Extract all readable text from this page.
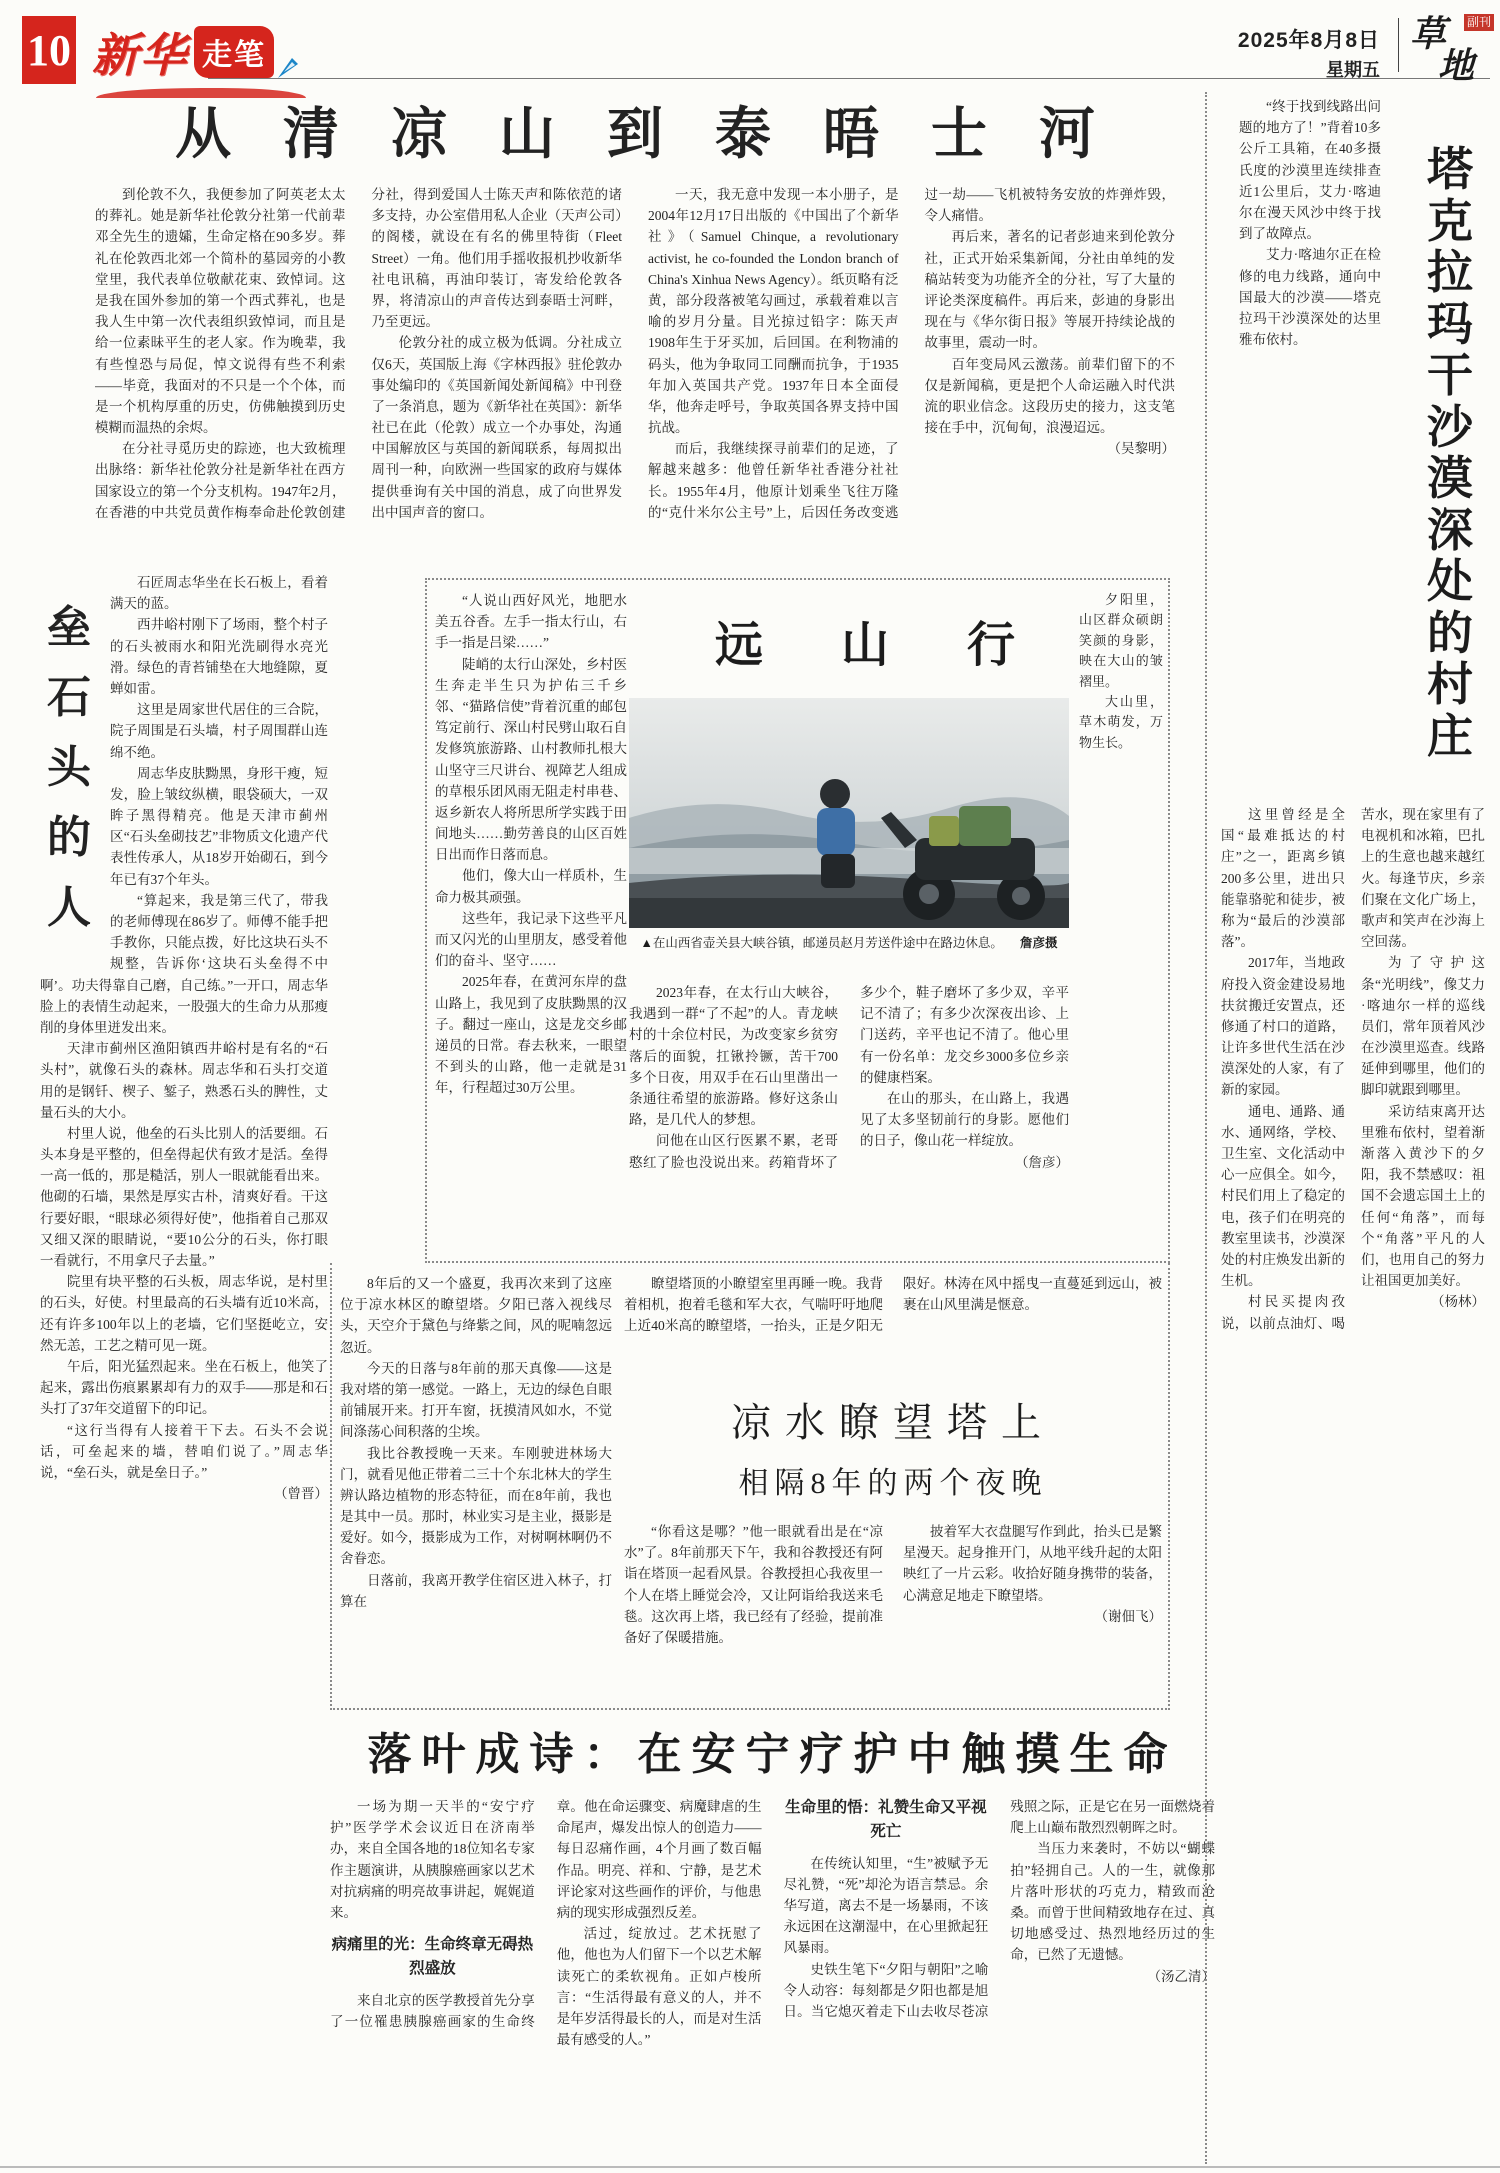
10 新华 走笔	2025年8月8日
星期五
草
地
副刊
从清凉山到泰晤士河

到伦敦不久，我便参加了阿英老太太的葬礼。她是新华社伦敦分社第一代前辈邓全先生的遗孀，生命定格在90多岁。葬礼在伦敦西北郊一个简朴的墓园旁的小教堂里，我代表单位敬献花束、致悼词。这是我在国外参加的第一个西式葬礼，也是我人生中第一次代表组织致悼词，而且是给一位素昧平生的老人家。作为晚辈，我有些惶恐与局促，悼文说得有些不利索——毕竟，我面对的不只是一个个体，而是一个机构厚重的历史，仿佛触摸到历史模糊而温热的余烬。

在分社寻觅历史的踪迹，也大致梳理出脉络：新华社伦敦分社是新华社在西方国家设立的第一个分支机构。1947年2月，在香港的中共党员黄作梅奉命赴伦敦创建分社，得到爱国人士陈天声和陈依范的诸多支持，办公室借用私人企业（天声公司）的阁楼，就设在有名的佛里特街（Fleet Street）一角。他们用手摇收报机抄收新华社电讯稿，再油印装订，寄发给伦敦各界，将清凉山的声音传达到泰晤士河畔，乃至更远。

伦敦分社的成立极为低调。分社成立仅6天，英国版上海《字林西报》驻伦敦办事处编印的《英国新闻处新闻稿》中刊登了一条消息，题为《新华社在英国》：新华社已在此（伦敦）成立一个办事处，沟通中国解放区与英国的新闻联系，每周拟出周刊一种，向欧洲一些国家的政府与媒体提供垂询有关中国的消息，成了向世界发出中国声音的窗口。

一天，我无意中发现一本小册子，是2004年12月17日出版的《中国出了个新华社》（Samuel Chinque, a revolutionary activist, he co-founded the London branch of China's Xinhua News Agency）。纸页略有泛黄，部分段落被笔勾画过，承载着难以言喻的岁月分量。目光掠过铅字：陈天声1908年生于牙买加，后回国。在利物浦的码头，他为争取同工同酬而抗争，于1935年加入英国共产党。1937年日本全面侵华，他奔走呼号，争取英国各界支持中国抗战。

而后，我继续探寻前辈们的足迹，了解越来越多：他曾任新华社香港分社社长。1955年4月，他原计划乘坐飞往万隆的“克什米尔公主号”上，后因任务改变逃过一劫——飞机被特务安放的炸弹炸毁，令人痛惜。

再后来，著名的记者彭迪来到伦敦分社，正式开始采集新闻，分社由单纯的发稿站转变为功能齐全的分社，写了大量的评论类深度稿件。再后来，彭迪的身影出现在与《华尔街日报》等展开持续论战的故事里，震动一时。

百年变局风云激荡。前辈们留下的不仅是新闻稿，更是把个人命运融入时代洪流的职业信念。这段历史的接力，这支笔接在手中，沉甸甸，浪漫迢远。

（吴黎明）

垒
石
头
的
人

石匠周志华坐在长石板上，看着满天的蓝。

西井峪村刚下了场雨，整个村子的石头被雨水和阳光洗刷得水亮光滑。绿色的青苔铺垫在大地缝隙，夏蝉如雷。

这里是周家世代居住的三合院，院子周围是石头墙，村子周围群山连绵不绝。

周志华皮肤黝黑，身形干瘦，短发，脸上皱纹纵横，眼袋硕大，一双眸子黑得精亮。他是天津市蓟州区“石头垒砌技艺”非物质文化遗产代表性传承人，从18岁开始砌石，到今年已有37个年头。

“算起来，我是第三代了，带我的老师傅现在86岁了。师傅不能手把手教你，只能点拨，好比这块石头不规整，告诉你‘这块石头垒得不中啊’。功夫得靠自己磨，自己练。”一开口，周志华脸上的表情生动起来，一股强大的生命力从那瘦削的身体里迸发出来。

天津市蓟州区渔阳镇西井峪村是有名的“石头村”，就像石头的森林。周志华和石头打交道用的是钢钎、楔子、錾子，熟悉石头的脾性，丈量石头的大小。

村里人说，他垒的石头比别人的活要细。石头本身是平整的，但垒得起伏有致才是活。垒得一高一低的，那是糙活，别人一眼就能看出来。他砌的石墙，果然是厚实古朴，清爽好看。干这行要好眼，“眼球必须得好使”，他指着自己那双又细又深的眼睛说，“要10公分的石头，你打眼一看就行，不用拿尺子去量。”

院里有块平整的石头板，周志华说，是村里的石头，好使。村里最高的石头墙有近10米高，还有许多100年以上的老墙，它们坚挺屹立，安然无恙，工艺之精可见一斑。

午后，阳光猛烈起来。坐在石板上，他笑了起来，露出伤痕累累却有力的双手——那是和石头打了37年交道留下的印记。

“这行当得有人接着干下去。石头不会说话，可垒起来的墙，替咱们说了。”周志华说，“垒石头，就是垒日子。”

（曾晋）

“人说山西好风光，地肥水美五谷香。左手一指太行山，右手一指是吕梁……”

陡峭的太行山深处，乡村医生奔走半生只为护佑三千乡邻、“猫路信使”背着沉重的邮包笃定前行、深山村民劈山取石自发修筑旅游路、山村教师扎根大山坚守三尺讲台、视障艺人组成的草根乐团风雨无阻走村串巷、返乡新农人将所思所学实践于田间地头……勤劳善良的山区百姓日出而作日落而息。

他们，像大山一样质朴，生命力极其顽强。

这些年，我记录下这些平凡而又闪光的山里朋友，感受着他们的奋斗、坚守……

2025年春，在黄河东岸的盘山路上，我见到了皮肤黝黑的汉子。翻过一座山，这是龙交乡邮递员的日常。春去秋来，一眼望不到头的山路，他一走就是31年，行程超过30万公里。

远山行
▲在山西省壶关县大峡谷镇，邮递员赵月芳送件途中在路边休息。 詹彦摄

夕阳里，山区群众硕朗笑颜的身影，映在大山的皱褶里。

大山里，草木萌发，万物生长。

2023年春，在太行山大峡谷，我遇到一群“了不起”的人。青龙峡村的十余位村民，为改变家乡贫穷落后的面貌，扛锹拎镢，苦干700多个日夜，用双手在石山里凿出一条通往希望的旅游路。修好这条山路，是几代人的梦想。

问他在山区行医累不累，老哥憨红了脸也没说出来。药箱背坏了多少个，鞋子磨坏了多少双，辛平记不清了；有多少次深夜出诊、上门送药，辛平也记不清了。他心里有一份名单：龙交乡3000多位乡亲的健康档案。

在山的那头，在山路上，我遇见了太多坚韧前行的身影。愿他们的日子，像山花一样绽放。

（詹彦）

8年后的又一个盛夏，我再次来到了这座位于凉水林区的瞭望塔。夕阳已落入视线尽头，天空介于黛色与绛紫之间，风的呢喃忽远忽近。

今天的日落与8年前的那天真像——这是我对塔的第一感觉。一路上，无边的绿色自眼前铺展开来。打开车窗，抚摸清风如水，不觉间涤荡心间积落的尘埃。

我比谷教授晚一天来。车刚驶进林场大门，就看见他正带着二三十个东北林大的学生辨认路边植物的形态特征，而在8年前，我也是其中一员。那时，林业实习是主业，摄影是爱好。如今，摄影成为工作，对树啊林啊仍不舍眷恋。

日落前，我离开教学住宿区进入林子，打算在

瞭望塔顶的小瞭望室里再睡一晚。我背着相机，抱着毛毯和军大衣，气喘吁吁地爬上近40米高的瞭望塔，一抬头，正是夕阳无限好。林涛在风中摇曳一直蔓延到远山，被裹在山风里满是惬意。

凉水瞭望塔上
相隔8年的两个夜晚

“你看这是哪？”他一眼就看出是在“凉水”了。8年前那天下午，我和谷教授还有阿诣在塔顶一起看风景。谷教授担心我夜里一个人在塔上睡觉会冷，又让阿诣给我送来毛毯。这次再上塔，我已经有了经验，提前准备好了保暖措施。

披着军大衣盘腿写作到此，抬头已是繁星漫天。起身推开门，从地平线升起的太阳映红了一片云彩。收拾好随身携带的装备，心满意足地走下瞭望塔。

（谢佃飞）

落叶成诗：在安宁疗护中触摸生命

一场为期一天半的“安宁疗护”医学学术会议近日在济南举办，来自全国各地的18位知名专家作主题演讲，从胰腺癌画家以艺术对抗病痛的明亮故事讲起，娓娓道来。

病痛里的光：生命终章无碍热烈盛放

来自北京的医学教授首先分享了一位罹患胰腺癌画家的生命终章。他在命运骤变、病魔肆虐的生命尾声，爆发出惊人的创造力——每日忍痛作画，4个月画了数百幅作品。明亮、祥和、宁静，是艺术评论家对这些画作的评价，与他患病的现实形成强烈反差。

活过，绽放过。艺术抚慰了他，他也为人们留下一个以艺术解读死亡的柔软视角。正如卢梭所言：“生活得最有意义的人，并不是年岁活得最长的人，而是对生活最有感受的人。”

生命里的悟：礼赞生命又平视死亡

在传统认知里，“生”被赋予无尽礼赞，“死”却沦为语言禁忌。余华写道，离去不是一场暴雨，不该永远困在这潮湿中，在心里掀起狂风暴雨。

史铁生笔下“夕阳与朝阳”之喻令人动容：每刻都是夕阳也都是旭日。当它熄灭着走下山去收尽苍凉残照之际，正是它在另一面燃烧着爬上山巅布散烈烈朝晖之时。

当压力来袭时，不妨以“蝴蝶拍”轻拥自己。人的一生，就像那片落叶形状的巧克力，精致而沧桑。而曾于世间精致地存在过、真切地感受过、热烈地经历过的生命，已然了无遗憾。

（汤乙清）

“终于找到线路出问题的地方了！”背着10多公斤工具箱，在40多摄氏度的沙漠里连续排查近1公里后，艾力·喀迪尔在漫天风沙中终于找到了故障点。

艾力·喀迪尔正在检修的电力线路，通向中国最大的沙漠——塔克拉玛干沙漠深处的达里雅布依村。

塔
克
拉
玛
干
沙
漠
深
处
的
村
庄

这里曾经是全国“最难抵达的村庄”之一，距离乡镇200多公里，进出只能靠骆驼和徒步，被称为“最后的沙漠部落”。

2017年，当地政府投入资金建设易地扶贫搬迁安置点，还修通了村口的道路，让许多世代生活在沙漠深处的人家，有了新的家园。

通电、通路、通水、通网络，学校、卫生室、文化活动中心一应俱全。如今，村民们用上了稳定的电，孩子们在明亮的教室里读书，沙漠深处的村庄焕发出新的生机。

村民买提肉孜说，以前点油灯、喝苦水，现在家里有了电视机和冰箱，巴扎上的生意也越来越红火。每逢节庆，乡亲们聚在文化广场上，歌声和笑声在沙海上空回荡。

为了守护这条“光明线”，像艾力·喀迪尔一样的巡线员们，常年顶着风沙在沙漠里巡查。线路延伸到哪里，他们的脚印就跟到哪里。

采访结束离开达里雅布依村，望着渐渐落入黄沙下的夕阳，我不禁感叹：祖国不会遗忘国土上的任何“角落”，而每个“角落”平凡的人们，也用自己的努力让祖国更加美好。

（杨林）
